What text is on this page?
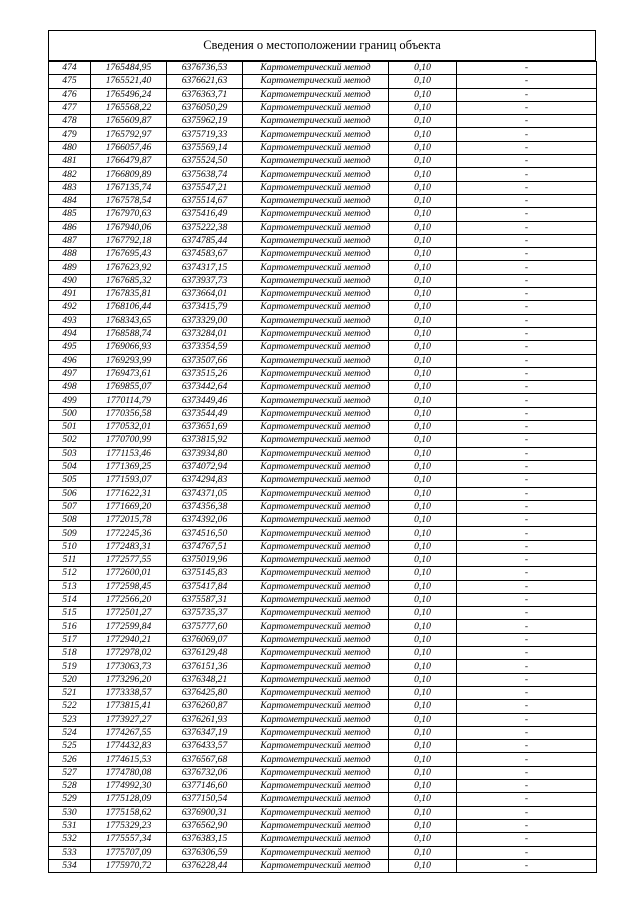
Сведения о местоположении границ объекта
474	1765484,95	6376736,53	Картометрический метод	0,10	-
475	1765521,40	6376621,63	Картометрический метод	0,10	-
476	1765496,24	6376363,71	Картометрический метод	0,10	-
477	1765568,22	6376050,29	Картометрический метод	0,10	-
478	1765609,87	6375962,19	Картометрический метод	0,10	-
479	1765792,97	6375719,33	Картометрический метод	0,10	-
480	1766057,46	6375569,14	Картометрический метод	0,10	-
481	1766479,87	6375524,50	Картометрический метод	0,10	-
482	1766809,89	6375638,74	Картометрический метод	0,10	-
483	1767135,74	6375547,21	Картометрический метод	0,10	-
484	1767578,54	6375514,67	Картометрический метод	0,10	-
485	1767970,63	6375416,49	Картометрический метод	0,10	-
486	1767940,06	6375222,38	Картометрический метод	0,10	-
487	1767792,18	6374785,44	Картометрический метод	0,10	-
488	1767695,43	6374583,67	Картометрический метод	0,10	-
489	1767623,92	6374317,15	Картометрический метод	0,10	-
490	1767685,32	6373937,73	Картометрический метод	0,10	-
491	1767835,81	6373664,01	Картометрический метод	0,10	-
492	1768106,44	6373415,79	Картометрический метод	0,10	-
493	1768343,65	6373329,00	Картометрический метод	0,10	-
494	1768588,74	6373284,01	Картометрический метод	0,10	-
495	1769066,93	6373354,59	Картометрический метод	0,10	-
496	1769293,99	6373507,66	Картометрический метод	0,10	-
497	1769473,61	6373515,26	Картометрический метод	0,10	-
498	1769855,07	6373442,64	Картометрический метод	0,10	-
499	1770114,79	6373449,46	Картометрический метод	0,10	-
500	1770356,58	6373544,49	Картометрический метод	0,10	-
501	1770532,01	6373651,69	Картометрический метод	0,10	-
502	1770700,99	6373815,92	Картометрический метод	0,10	-
503	1771153,46	6373934,80	Картометрический метод	0,10	-
504	1771369,25	6374072,94	Картометрический метод	0,10	-
505	1771593,07	6374294,83	Картометрический метод	0,10	-
506	1771622,31	6374371,05	Картометрический метод	0,10	-
507	1771669,20	6374356,38	Картометрический метод	0,10	-
508	1772015,78	6374392,06	Картометрический метод	0,10	-
509	1772245,36	6374516,50	Картометрический метод	0,10	-
510	1772483,31	6374767,51	Картометрический метод	0,10	-
511	1772577,55	6375019,96	Картометрический метод	0,10	-
512	1772600,01	6375145,83	Картометрический метод	0,10	-
513	1772598,45	6375417,84	Картометрический метод	0,10	-
514	1772566,20	6375587,31	Картометрический метод	0,10	-
515	1772501,27	6375735,37	Картометрический метод	0,10	-
516	1772599,84	6375777,60	Картометрический метод	0,10	-
517	1772940,21	6376069,07	Картометрический метод	0,10	-
518	1772978,02	6376129,48	Картометрический метод	0,10	-
519	1773063,73	6376151,36	Картометрический метод	0,10	-
520	1773296,20	6376348,21	Картометрический метод	0,10	-
521	1773338,57	6376425,80	Картометрический метод	0,10	-
522	1773815,41	6376260,87	Картометрический метод	0,10	-
523	1773927,27	6376261,93	Картометрический метод	0,10	-
524	1774267,55	6376347,19	Картометрический метод	0,10	-
525	1774432,83	6376433,57	Картометрический метод	0,10	-
526	1774615,53	6376567,68	Картометрический метод	0,10	-
527	1774780,08	6376732,06	Картометрический метод	0,10	-
528	1774992,30	6377146,60	Картометрический метод	0,10	-
529	1775128,09	6377150,54	Картометрический метод	0,10	-
530	1775158,62	6376900,31	Картометрический метод	0,10	-
531	1775329,23	6376562,90	Картометрический метод	0,10	-
532	1775557,34	6376383,15	Картометрический метод	0,10	-
533	1775707,09	6376306,59	Картометрический метод	0,10	-
534	1775970,72	6376228,44	Картометрический метод	0,10	-
